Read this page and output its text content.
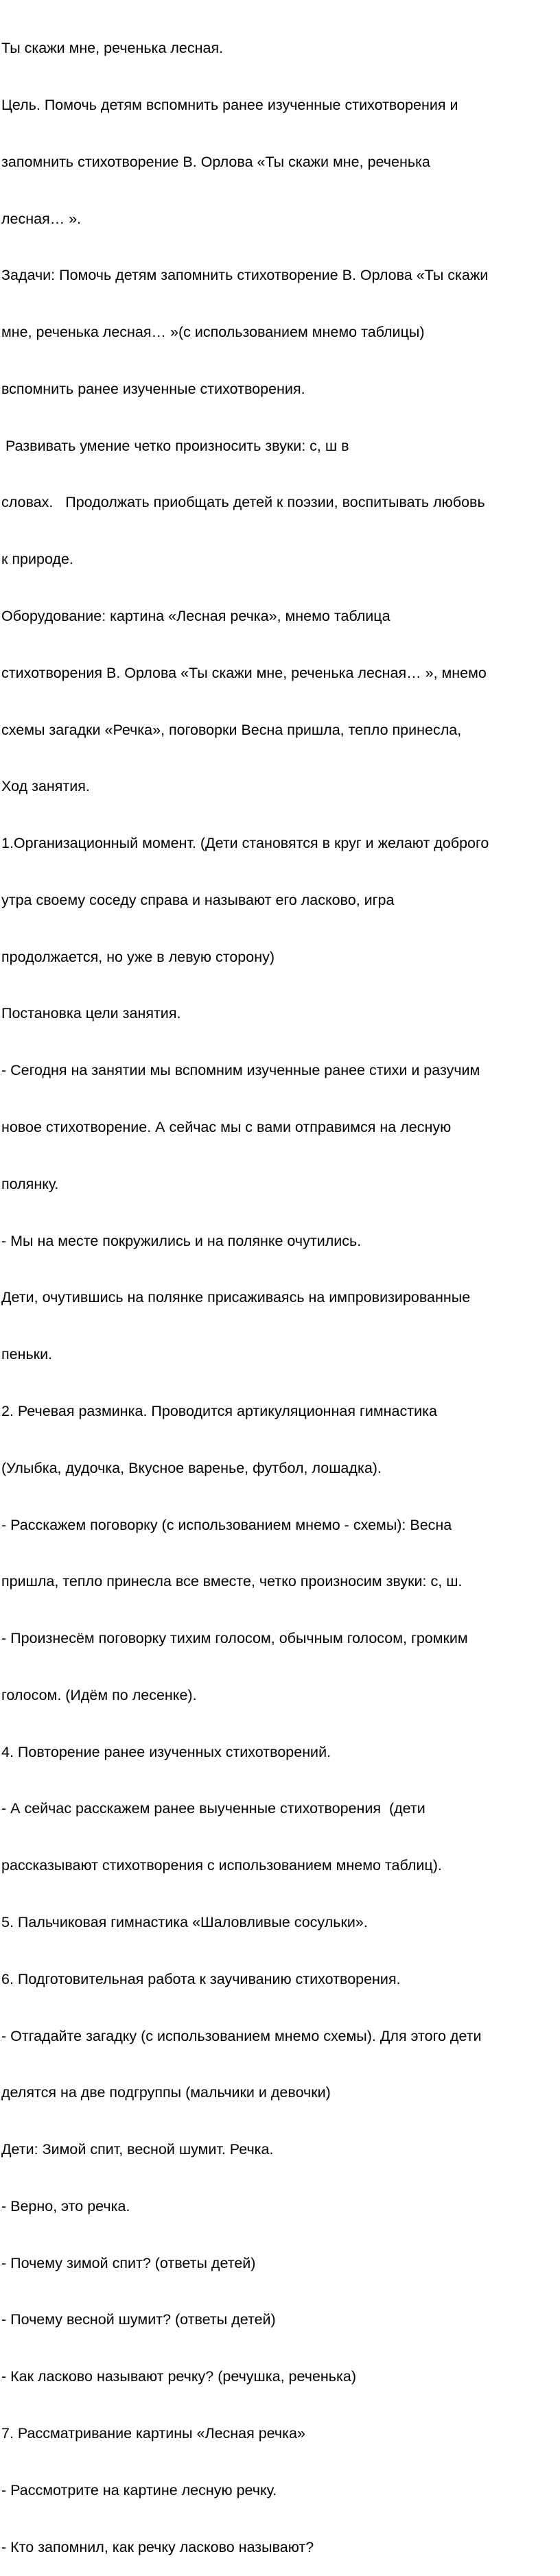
Ты скажи мне, реченька лесная.

Цель. Помочь детям вспомнить ранее изученные стихотворения и

запомнить стихотворение В. Орлова «Ты скажи мне, реченька

лесная… ».

Задачи: Помочь детям запомнить стихотворение В. Орлова «Ты скажи

мне, реченька лесная… »(с использованием мнемо таблицы)

вспомнить ранее изученные стихотворения.

Развивать умение четко произносить звуки: с, ш в

словах.   Продолжать приобщать детей к поэзии, воспитывать любовь

к природе.

Оборудование: картина «Лесная речка», мнемо таблица

стихотворения В. Орлова «Ты скажи мне, реченька лесная… », мнемо

схемы загадки «Речка», поговорки Весна пришла, тепло принесла,

Ход занятия.

1.Организационный момент. (Дети становятся в круг и желают доброго

утра своему соседу справа и называют его ласково, игра

продолжается, но уже в левую сторону)

Постановка цели занятия.

- Сегодня на занятии мы вспомним изученные ранее стихи и разучим

новое стихотворение. А сейчас мы с вами отправимся на лесную

полянку.

- Мы на месте покружились и на полянке очутились.

Дети, очутившись на полянке присаживаясь на импровизированные

пеньки.

2. Речевая разминка. Проводится артикуляционная гимнастика

(Улыбка, дудочка, Вкусное варенье, футбол, лошадка).

- Расскажем поговорку (с использованием мнемо - схемы): Весна

пришла, тепло принесла все вместе, четко произносим звуки: с, ш.

- Произнесём поговорку тихим голосом, обычным голосом, громким

голосом. (Идём по лесенке).

4. Повторение ранее изученных стихотворений.

- А сейчас расскажем ранее выученные стихотворения  (дети

рассказывают стихотворения с использованием мнемо таблиц).

5. Пальчиковая гимнастика «Шаловливые сосульки».

6. Подготовительная работа к заучиванию стихотворения.

- Отгадайте загадку (с использованием мнемо схемы). Для этого дети

делятся на две подгруппы (мальчики и девочки)

Дети: Зимой спит, весной шумит. Речка.

- Верно, это речка.

- Почему зимой спит? (ответы детей)

- Почему весной шумит? (ответы детей)

- Как ласково называют речку? (речушка, реченька)

7. Рассматривание картины «Лесная речка»

- Рассмотрите на картине лесную речку.

- Кто запомнил, как речку ласково называют?
